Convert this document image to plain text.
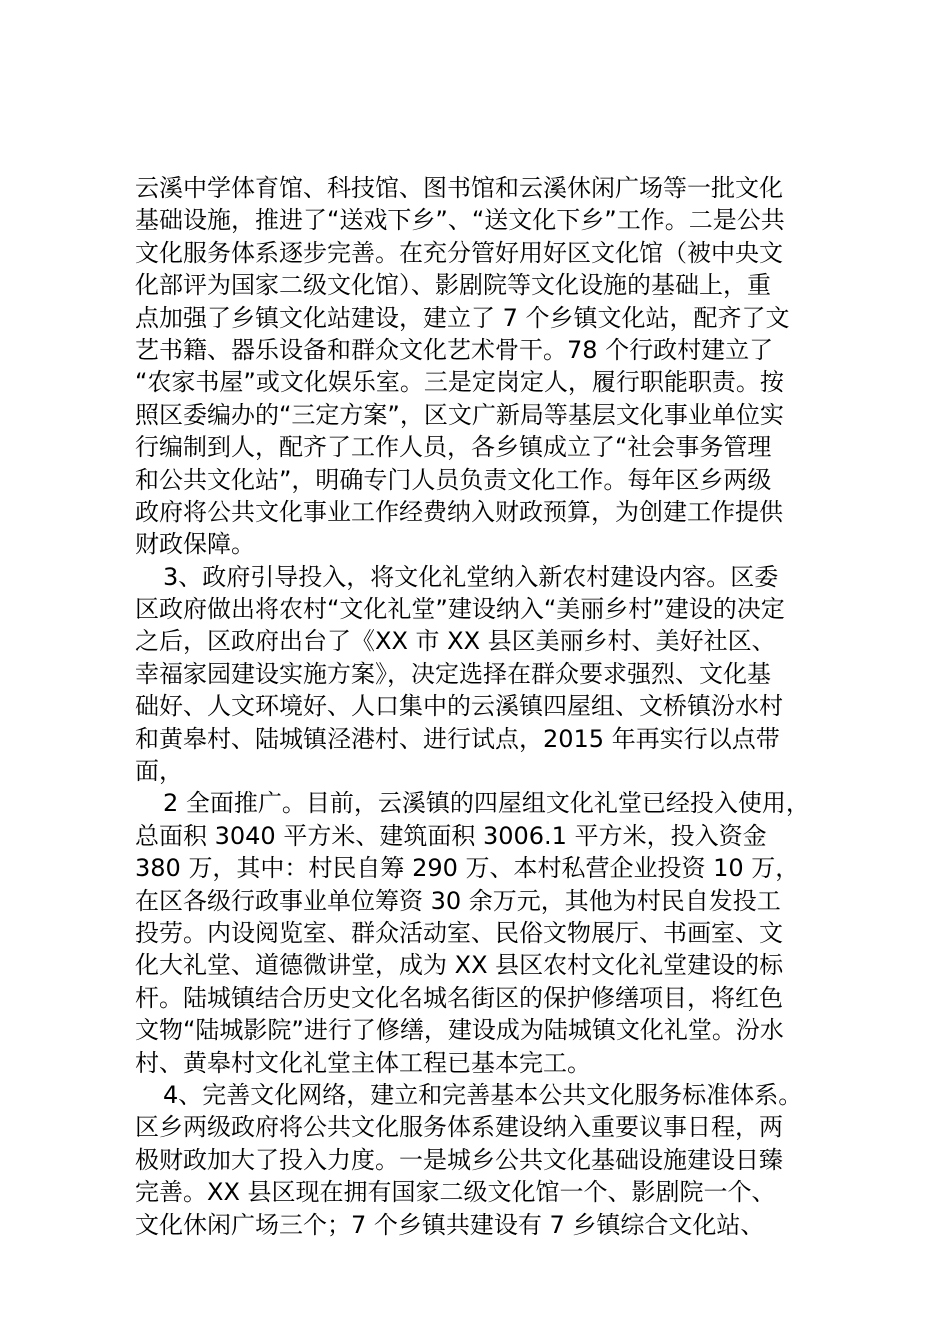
云溪中学体育馆、科技馆、图书馆和云溪休闲广场等一批文化
基础设施，推进了“送戏下乡”、“送文化下乡”工作。二是公共
文化服务体系逐步完善。在充分管好用好区文化馆（被中央文
化部评为国家二级文化馆）、影剧院等文化设施的基础上，重
点加强了乡镇文化站建设，建立了 7 个乡镇文化站，配齐了文
艺书籍、器乐设备和群众文化艺术骨干。78 个行政村建立了
“农家书屋”或文化娱乐室。三是定岗定人，履行职能职责。按
照区委编办的“三定方案”，区文广新局等基层文化事业单位实
行编制到人，配齐了工作人员，各乡镇成立了“社会事务管理
和公共文化站”，明确专门人员负责文化工作。每年区乡两级
政府将公共文化事业工作经费纳入财政预算，为创建工作提供
财政保障。
3、政府引导投入，将文化礼堂纳入新农村建设内容。区委
区政府做出将农村“文化礼堂”建设纳入“美丽乡村”建设的决定
之后，区政府出台了《XX 市 XX 县区美丽乡村、美好社区、
幸福家园建设实施方案》，决定选择在群众要求强烈、文化基
础好、人文环境好、人口集中的云溪镇四屋组、文桥镇汾水村
和黄皋村、陆城镇泾港村、进行试点，2015 年再实行以点带
面，
2 全面推广。目前，云溪镇的四屋组文化礼堂已经投入使用，
总面积 3040 平方米、建筑面积 3006.1 平方米，投入资金
380 万，其中：村民自筹 290 万、本村私营企业投资 10 万，
在区各级行政事业单位筹资 30 余万元，其他为村民自发投工
投劳。内设阅览室、群众活动室、民俗文物展厅、书画室、文
化大礼堂、道德微讲堂，成为 XX 县区农村文化礼堂建设的标
杆。陆城镇结合历史文化名城名街区的保护修缮项目，将红色
文物“陆城影院”进行了修缮，建设成为陆城镇文化礼堂。汾水
村、黄皋村文化礼堂主体工程已基本完工。
4、完善文化网络，建立和完善基本公共文化服务标准体系。
区乡两级政府将公共文化服务体系建设纳入重要议事日程，两
极财政加大了投入力度。一是城乡公共文化基础设施建设日臻
完善。XX 县区现在拥有国家二级文化馆一个、影剧院一个、
文化休闲广场三个；7 个乡镇共建设有 7 乡镇综合文化站、
